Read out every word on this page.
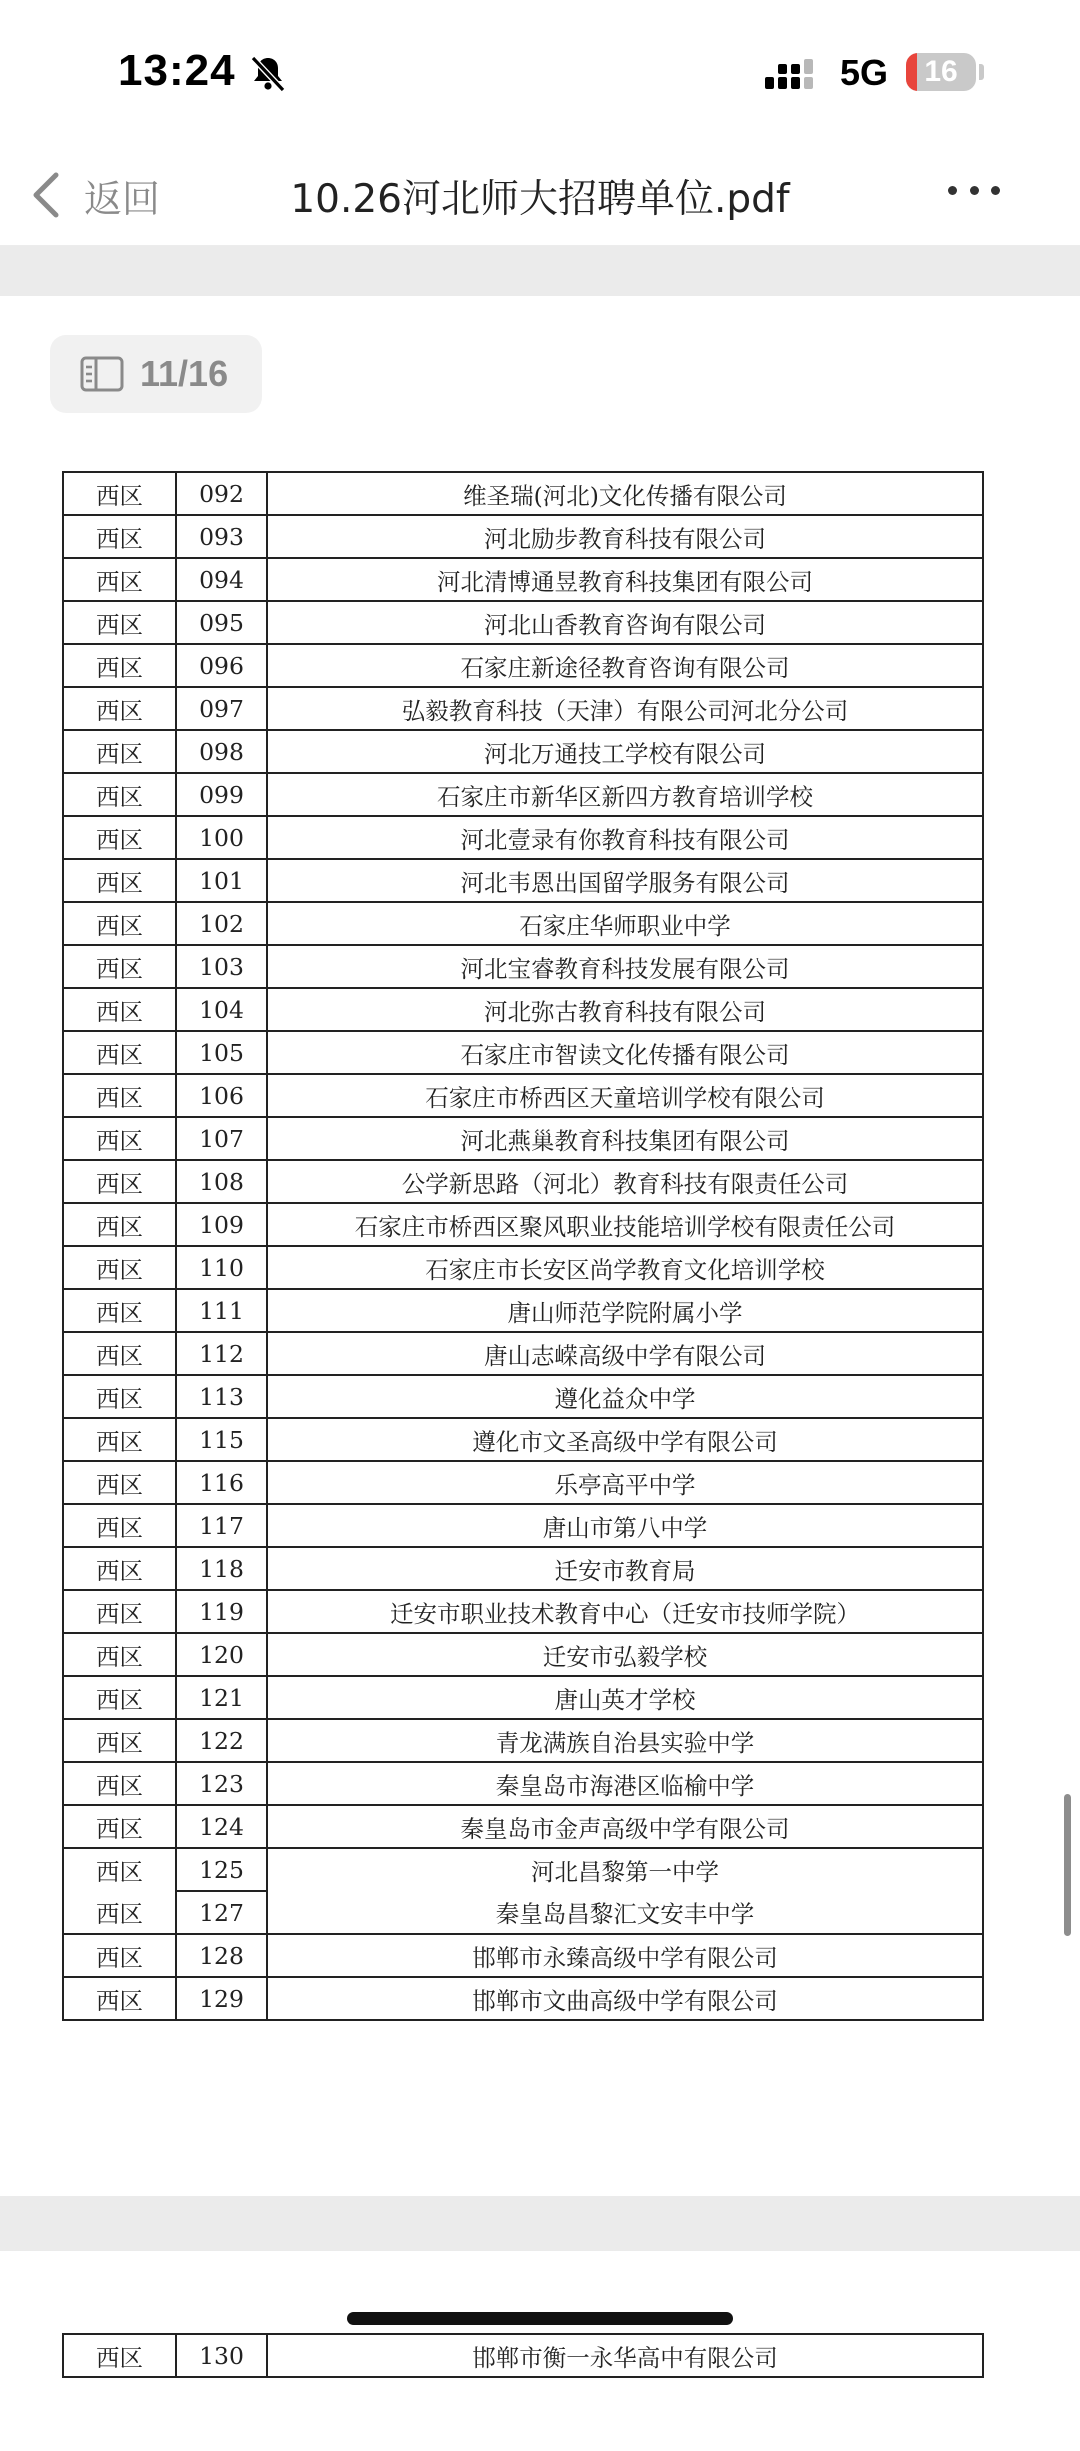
13:24	5G	16
返回	10.26河北师大招聘单位.pdf
11/16
西区	092	维圣瑞(河北)文化传播有限公司
西区	093	河北励步教育科技有限公司
西区	094	河北清博通昱教育科技集团有限公司
西区	095	河北山香教育咨询有限公司
西区	096	石家庄新途径教育咨询有限公司
西区	097	弘毅教育科技（天津）有限公司河北分公司
西区	098	河北万通技工学校有限公司
西区	099	石家庄市新华区新四方教育培训学校
西区	100	河北壹录有你教育科技有限公司
西区	101	河北韦恩出国留学服务有限公司
西区	102	石家庄华师职业中学
西区	103	河北宝睿教育科技发展有限公司
西区	104	河北弥古教育科技有限公司
西区	105	石家庄市智读文化传播有限公司
西区	106	石家庄市桥西区天童培训学校有限公司
西区	107	河北燕巢教育科技集团有限公司
西区	108	公学新思路（河北）教育科技有限责任公司
西区	109	石家庄市桥西区聚风职业技能培训学校有限责任公司
西区	110	石家庄市长安区尚学教育文化培训学校
西区	111	唐山师范学院附属小学
西区	112	唐山志嵘高级中学有限公司
西区	113	遵化益众中学
西区	115	遵化市文圣高级中学有限公司
西区	116	乐亭高平中学
西区	117	唐山市第八中学
西区	118	迁安市教育局
西区	119	迁安市职业技术教育中心（迁安市技师学院）
西区	120	迁安市弘毅学校
西区	121	唐山英才学校
西区	122	青龙满族自治县实验中学
西区	123	秦皇岛市海港区临榆中学
西区	124	秦皇岛市金声高级中学有限公司
西区	125	河北昌黎第一中学
西区	127	秦皇岛昌黎汇文安丰中学
西区	128	邯郸市永臻高级中学有限公司
西区	129	邯郸市文曲高级中学有限公司
西区	130	邯郸市衡一永华高中有限公司
